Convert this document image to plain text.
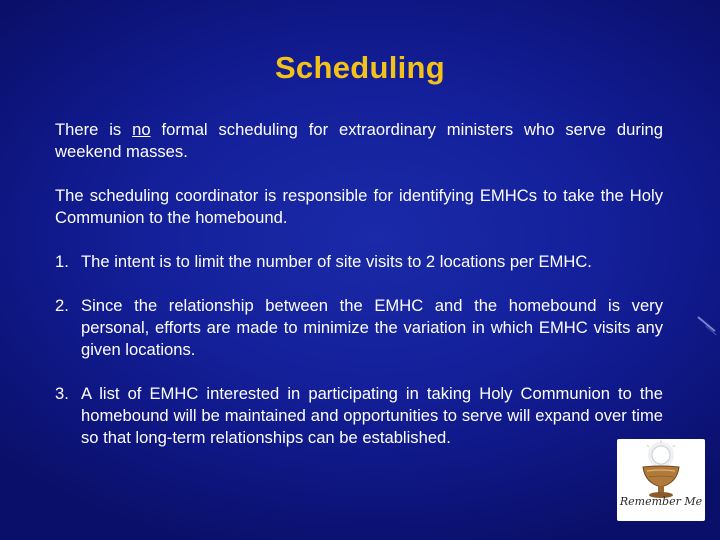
Scheduling

There is no formal scheduling for extraordinary ministers who serve during weekend masses.

The scheduling coordinator is responsible for identifying EMHCs to take the Holy Communion to the homebound.

1. The intent is to limit the number of site visits to 2 locations per EMHC.
2. Since the relationship between the EMHC and the homebound is very personal, efforts are made to minimize the variation in which EMHC visits any given locations.
3. A list of EMHC interested in participating in taking Holy Communion to the homebound will be maintained and opportunities to serve will expand over time so that long-term relationships can be established.
Remember Me
